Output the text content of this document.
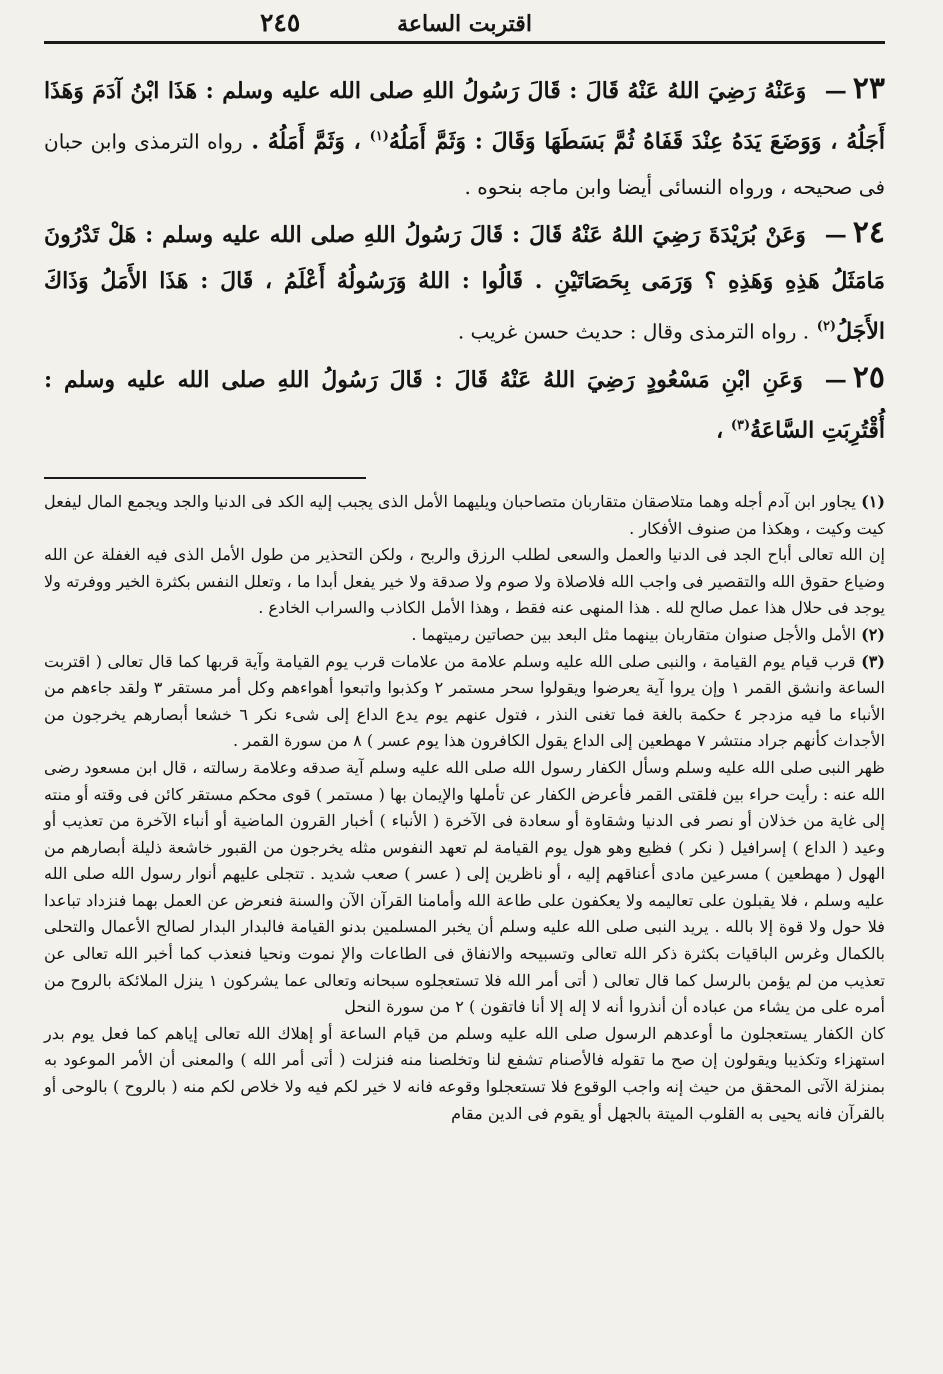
اقتربت الساعة
٢٤٥

٢٣— وَعَنْهُ رَضِيَ اللهُ عَنْهُ قَالَ : قَالَ رَسُولُ اللهِ صلى الله عليه وسلم : هَذَا ابْنُ آدَمَ وَهَذَا أَجَلُهُ ، وَوَضَعَ يَدَهُ عِنْدَ قَفَاهُ ثُمَّ بَسَطَهَا وَقَالَ : وَثَمَّ أَمَلُهُ$^{(١)}$ ، وَثَمَّ أَمَلُهُ . رواه الترمذى وابن حبان فى صحيحه ، ورواه النسائى أيضا وابن ماجه بنحوه .

٢٤— وَعَنْ بُرَيْدَةَ رَضِيَ اللهُ عَنْهُ قَالَ : قَالَ رَسُولُ اللهِ صلى الله عليه وسلم : هَلْ تَدْرُونَ مَامَثَلُ هَذِهِ وَهَذِهِ ؟ وَرَمَى بِحَصَاتَيْنِ . قَالُوا : اللهُ وَرَسُولُهُ أَعْلَمُ ، قَالَ : هَذَا الأَمَلُ وَذَاكَ الأَجَلُ$^{(٢)}$ . رواه الترمذى وقال : حديث حسن غريب .

٢٥— وَعَنِ ابْنِ مَسْعُودٍ رَضِيَ اللهُ عَنْهُ قَالَ : قَالَ رَسُولُ اللهِ صلى الله عليه وسلم : أُقْتُرِبَتِ السَّاعَةُ$^{(٣)}$ ،

(١) يجاور ابن آدم أجله وهما متلاصقان متقاربان متصاحبان ويليهما الأمل الذى يجبب إليه الكد فى الدنيا والجد ويجمع المال ليفعل كيت وكيت ، وهكذا من صنوف الأفكار .

إن الله تعالى أباح الجد فى الدنيا والعمل والسعى لطلب الرزق والربح ، ولكن التحذير من طول الأمل الذى فيه الغفلة عن الله وضياع حقوق الله والتقصير فى واجب الله فلاصلاة ولا صوم ولا صدقة ولا خير يفعل أبدا ما ، وتعلل النفس بكثرة الخير ووفرته ولا يوجد فى حلال هذا عمل صالح لله . هذا المنهى عنه فقط ، وهذا الأمل الكاذب والسراب الخادع .

(٢) الأمل والأجل صنوان متقاربان بينهما مثل البعد بين حصاتين رميتهما .

(٣) قرب قيام يوم القيامة ، والنبى صلى الله عليه وسلم علامة من علامات قرب يوم القيامة وآية قربها كما قال تعالى ( اقتربت الساعة وانشق القمر ١ وإن يروا آية يعرضوا ويقولوا سحر مستمر ٢ وكذبوا واتبعوا أهواءهم وكل أمر مستقر ٣ ولقد جاءهم من الأنباء ما فيه مزدجر ٤ حكمة بالغة فما تغنى النذر ، فتول عنهم يوم يدع الداع إلى شىء نكر ٦ خشعا أبصارهم يخرجون من الأجداث كأنهم جراد منتشر ٧ مهطعين إلى الداع يقول الكافرون هذا يوم عسر ) ٨ من سورة القمر .

ظهر النبى صلى الله عليه وسلم وسأل الكفار رسول الله صلى الله عليه وسلم آية صدقه وعلامة رسالته ، قال ابن مسعود رضى الله عنه : رأيت حراء بين فلقتى القمر فأعرض الكفار عن تأملها والإيمان بها ( مستمر ) قوى محكم مستقر كائن فى وقته أو منته إلى غاية من خذلان أو نصر فى الدنيا وشقاوة أو سعادة فى الآخرة ( الأنباء ) أخبار القرون الماضية أو أنباء الآخرة من تعذيب أو وعيد ( الداع ) إسرافيل ( نكر ) فظيع وهو هول يوم القيامة لم تعهد النفوس مثله يخرجون من القبور خاشعة ذليلة أبصارهم من الهول ( مهطعين ) مسرعين مادى أعناقهم إليه ، أو ناظرين إلى ( عسر ) صعب شديد . تتجلى عليهم أنوار رسول الله صلى الله عليه وسلم ، فلا يقبلون على تعاليمه ولا يعكفون على طاعة الله وأمامنا القرآن الآن والسنة فنعرض عن العمل بهما فنزداد تباعدا فلا حول ولا قوة إلا بالله . يريد النبى صلى الله عليه وسلم أن يخبر المسلمين بدنو القيامة فالبدار البدار لصالح الأعمال والتحلى بالكمال وغرس الباقيات بكثرة ذكر الله تعالى وتسبيحه والانفاق فى الطاعات والإ نموت ونحيا فنعذب كما أخبر الله تعالى عن تعذيب من لم يؤمن بالرسل كما قال تعالى ( أتى أمر الله فلا تستعجلوه سبحانه وتعالى عما يشركون ١ ينزل الملائكة بالروح من أمره على من يشاء من عباده أن أنذروا أنه لا إله إلا أنا فاتقون ) ٢ من سورة النحل

كان الكفار يستعجلون ما أوعدهم الرسول صلى الله عليه وسلم من قيام الساعة أو إهلاك الله تعالى إياهم كما فعل يوم بدر استهزاء وتكذيبا ويقولون إن صح ما تقوله فالأصنام تشفع لنا وتخلصنا منه فنزلت ( أتى أمر الله ) والمعنى أن الأمر الموعود به بمنزلة الآتى المحقق من حيث إنه واجب الوقوع فلا تستعجلوا وقوعه فانه لا خير لكم فيه ولا خلاص لكم منه ( بالروح ) بالوحى أو بالقرآن فانه يحيى به القلوب الميتة بالجهل أو يقوم فى الدين مقام
